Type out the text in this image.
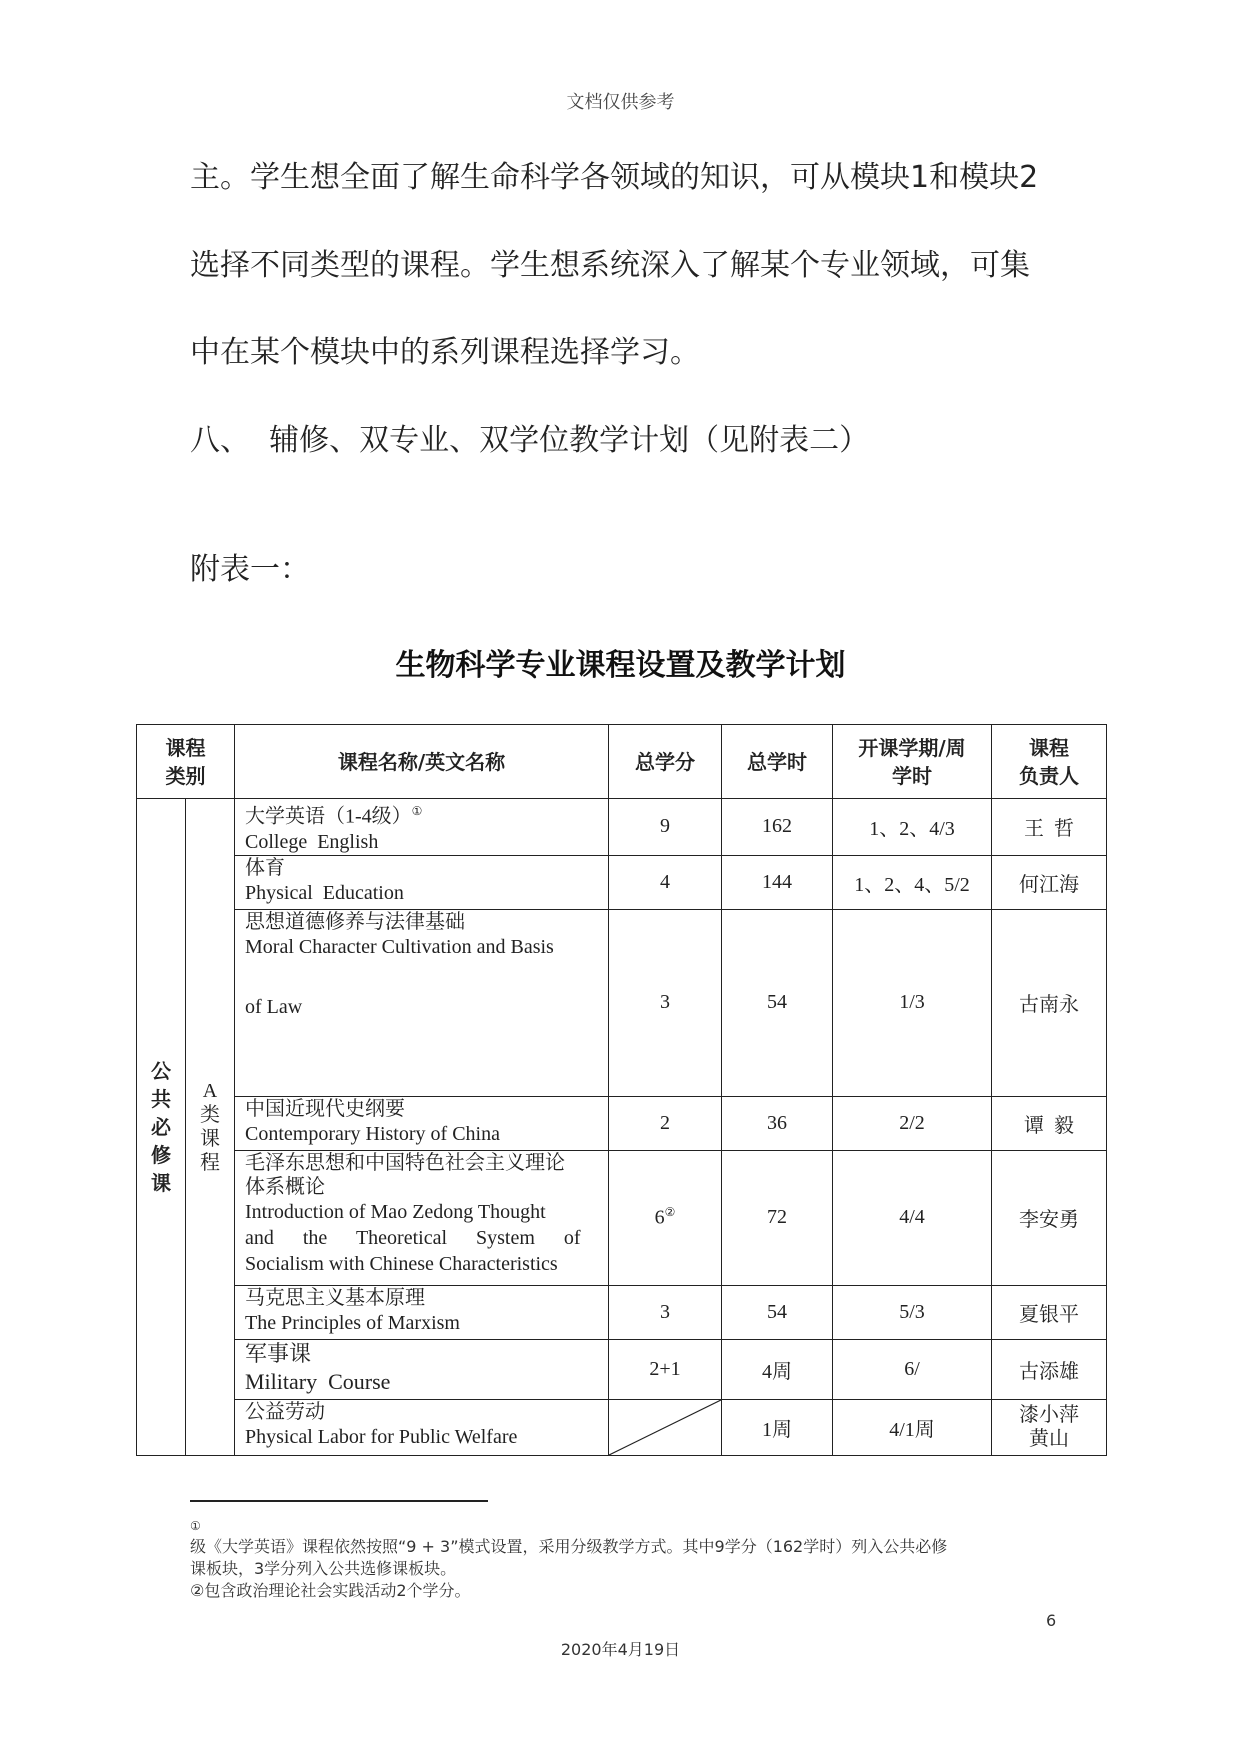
文档仅供参考
主。学生想全面了解生命科学各领域的知识，可从模块1和模块2
选择不同类型的课程。学生想系统深入了解某个专业领域，可集
中在某个模块中的系列课程选择学习。
八、  辅修、双专业、双学位教学计划（见附表二）
附表一：
生物科学专业课程设置及教学计划
课程
类别		课程名称/英文名称	总学分	总学时	开课学期/周
学时	课程
负责人
公
共
必
修
课	A
类
课
程	大学英语（1-4级）①
College  English	9	162	1、2、4/3	王  哲

		体育
Physical  Education	4	144	1、2、4、5/2	何江海

		思想道德修养与法律基础
Moral Character Cultivation and Basis
of Law	3	54	1/3	古南永

		中国近现代史纲要
Contemporary History of China	2	36	2/2	谭  毅

		毛泽东思想和中国特色社会主义理论
体系概论
Introduction of Mao Zedong Thought
and the Theoretical System of
Socialism with Chinese Characteristics	6②	72	4/4	李安勇

		马克思主义基本原理
The Principles of Marxism	3	54	5/3	夏银平

		军事课
Military  Course	2+1	4周	6/	古添雄

		公益劳动
Physical Labor for Public Welfare		1周	4/1周	漆小萍
黄山
①
级《大学英语》课程依然按照“9 + 3”模式设置，采用分级教学方式。其中9学分（162学时）列入公共必修
课板块，3学分列入公共选修课板块。
②包含政治理论社会实践活动2个学分。
6
2020年4月19日
